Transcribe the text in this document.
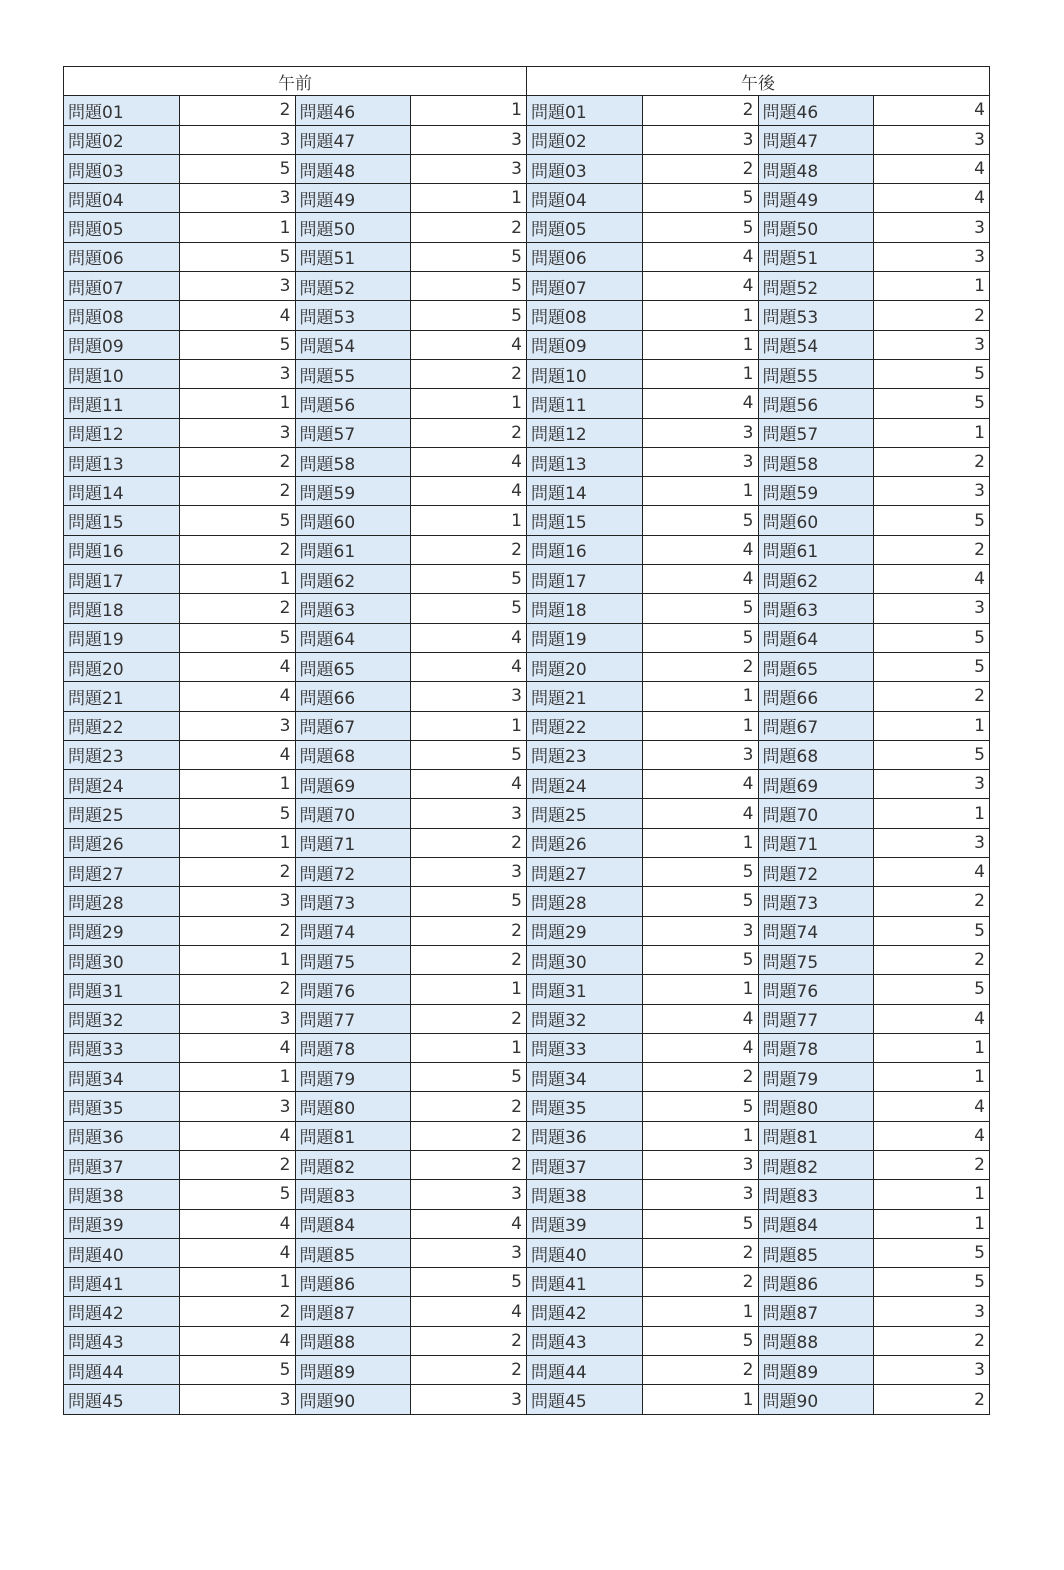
午前				午後			
問題01	2	問題46	1	問題01	2	問題46	4
問題02	3	問題47	3	問題02	3	問題47	3
問題03	5	問題48	3	問題03	2	問題48	4
問題04	3	問題49	1	問題04	5	問題49	4
問題05	1	問題50	2	問題05	5	問題50	3
問題06	5	問題51	5	問題06	4	問題51	3
問題07	3	問題52	5	問題07	4	問題52	1
問題08	4	問題53	5	問題08	1	問題53	2
問題09	5	問題54	4	問題09	1	問題54	3
問題10	3	問題55	2	問題10	1	問題55	5
問題11	1	問題56	1	問題11	4	問題56	5
問題12	3	問題57	2	問題12	3	問題57	1
問題13	2	問題58	4	問題13	3	問題58	2
問題14	2	問題59	4	問題14	1	問題59	3
問題15	5	問題60	1	問題15	5	問題60	5
問題16	2	問題61	2	問題16	4	問題61	2
問題17	1	問題62	5	問題17	4	問題62	4
問題18	2	問題63	5	問題18	5	問題63	3
問題19	5	問題64	4	問題19	5	問題64	5
問題20	4	問題65	4	問題20	2	問題65	5
問題21	4	問題66	3	問題21	1	問題66	2
問題22	3	問題67	1	問題22	1	問題67	1
問題23	4	問題68	5	問題23	3	問題68	5
問題24	1	問題69	4	問題24	4	問題69	3
問題25	5	問題70	3	問題25	4	問題70	1
問題26	1	問題71	2	問題26	1	問題71	3
問題27	2	問題72	3	問題27	5	問題72	4
問題28	3	問題73	5	問題28	5	問題73	2
問題29	2	問題74	2	問題29	3	問題74	5
問題30	1	問題75	2	問題30	5	問題75	2
問題31	2	問題76	1	問題31	1	問題76	5
問題32	3	問題77	2	問題32	4	問題77	4
問題33	4	問題78	1	問題33	4	問題78	1
問題34	1	問題79	5	問題34	2	問題79	1
問題35	3	問題80	2	問題35	5	問題80	4
問題36	4	問題81	2	問題36	1	問題81	4
問題37	2	問題82	2	問題37	3	問題82	2
問題38	5	問題83	3	問題38	3	問題83	1
問題39	4	問題84	4	問題39	5	問題84	1
問題40	4	問題85	3	問題40	2	問題85	5
問題41	1	問題86	5	問題41	2	問題86	5
問題42	2	問題87	4	問題42	1	問題87	3
問題43	4	問題88	2	問題43	5	問題88	2
問題44	5	問題89	2	問題44	2	問題89	3
問題45	3	問題90	3	問題45	1	問題90	2
